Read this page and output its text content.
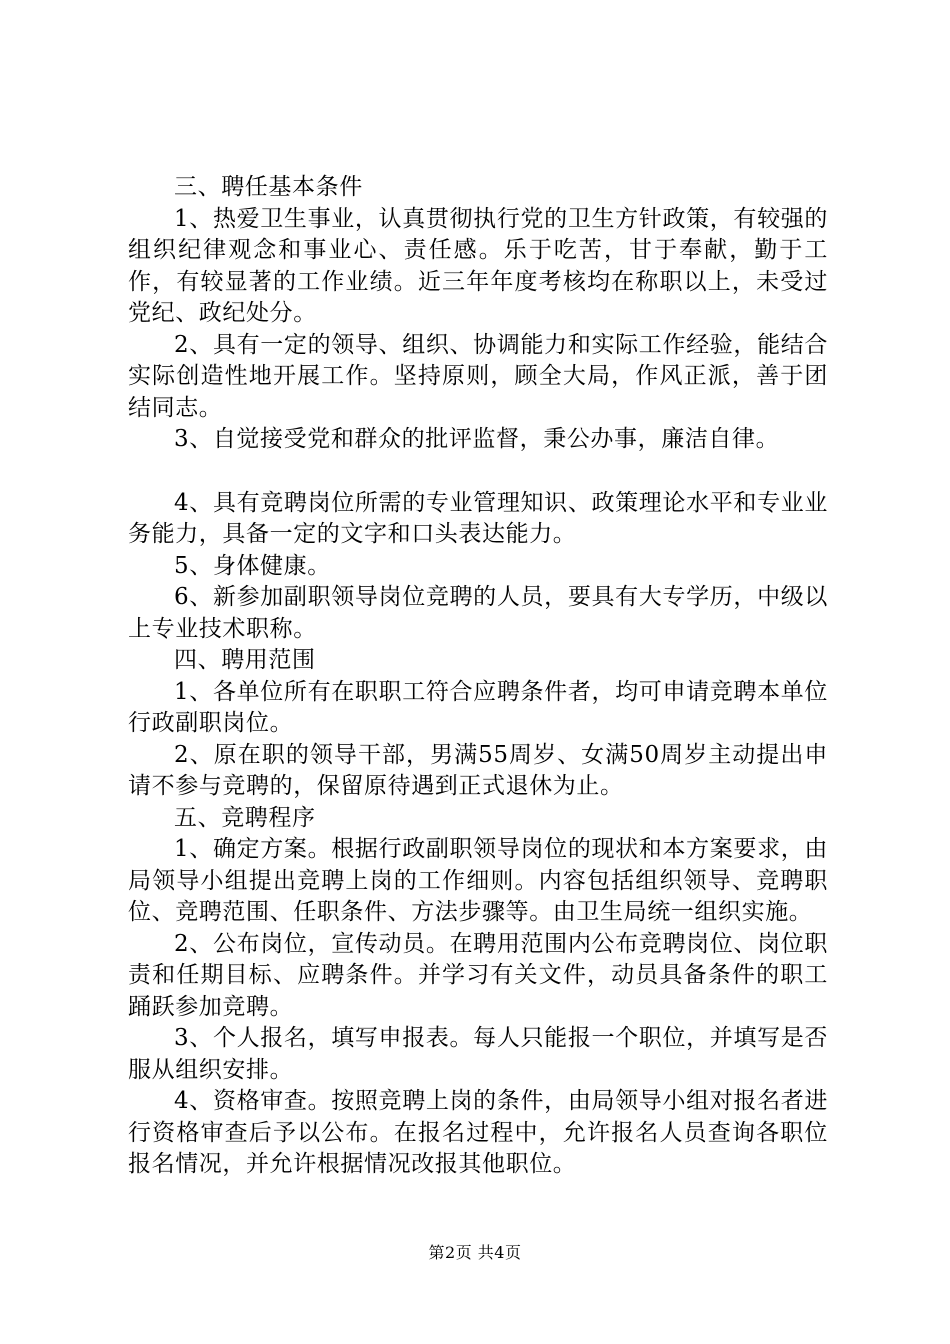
三、聘任基本条件

1、热爱卫生事业，认真贯彻执行党的卫生方针政策，有较强的组织纪律观念和事业心、责任感。乐于吃苦，甘于奉献，勤于工作，有较显著的工作业绩。近三年年度考核均在称职以上，未受过党纪、政纪处分。

2、具有一定的领导、组织、协调能力和实际工作经验，能结合实际创造性地开展工作。坚持原则，顾全大局，作风正派，善于团结同志。

3、自觉接受党和群众的批评监督，秉公办事，廉洁自律。

4、具有竞聘岗位所需的专业管理知识、政策理论水平和专业业务能力，具备一定的文字和口头表达能力。

5、身体健康。

6、新参加副职领导岗位竞聘的人员，要具有大专学历，中级以上专业技术职称。

四、聘用范围

1、各单位所有在职职工符合应聘条件者，均可申请竞聘本单位行政副职岗位。

2、原在职的领导干部，男满55周岁、女满50周岁主动提出申请不参与竞聘的，保留原待遇到正式退休为止。

五、竞聘程序

1、确定方案。根据行政副职领导岗位的现状和本方案要求，由局领导小组提出竞聘上岗的工作细则。内容包括组织领导、竞聘职位、竞聘范围、任职条件、方法步骤等。由卫生局统一组织实施。

2、公布岗位，宣传动员。在聘用范围内公布竞聘岗位、岗位职责和任期目标、应聘条件。并学习有关文件，动员具备条件的职工踊跃参加竞聘。

3、个人报名，填写申报表。每人只能报一个职位，并填写是否服从组织安排。

4、资格审查。按照竞聘上岗的条件，由局领导小组对报名者进行资格审查后予以公布。在报名过程中，允许报名人员查询各职位报名情况，并允许根据情况改报其他职位。

第2页 共4页
